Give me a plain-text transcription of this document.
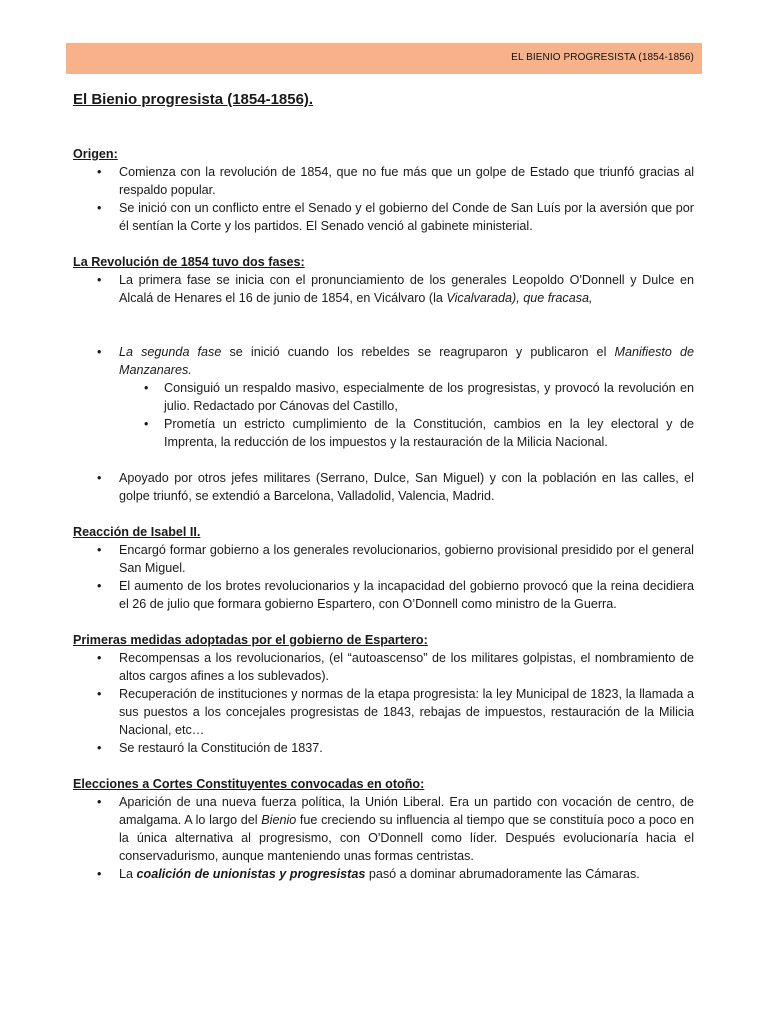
EL BIENIO PROGRESISTA (1854-1856)
El Bienio progresista (1854-1856).
Origen:
• Comienza con la revolución de 1854, que no fue más que un golpe de Estado que triunfó gracias al respaldo popular.
• Se inició con un conflicto entre el Senado y el gobierno del Conde de San Luís por la aversión que por él sentían la Corte y los partidos. El Senado venció al gabinete ministerial.
La Revolución de 1854 tuvo dos fases:
• La primera fase se inicia con el pronunciamiento de los generales Leopoldo O'Donnell y Dulce en Alcalá de Henares el 16 de junio de 1854, en Vicálvaro (la Vicalvarada), que fracasa,
• La segunda fase se inició cuando los rebeldes se reagruparon y publicaron el Manifiesto de Manzanares.
• Consiguió un respaldo masivo, especialmente de los progresistas, y provocó la revolución en julio. Redactado por Cánovas del Castillo,
• Prometía un estricto cumplimiento de la Constitución, cambios en la ley electoral y de Imprenta, la reducción de los impuestos y la restauración de la Milicia Nacional.
• Apoyado por otros jefes militares (Serrano, Dulce, San Miguel) y con la población en las calles, el golpe triunfó, se extendió a Barcelona, Valladolid, Valencia, Madrid.
Reacción de Isabel II.
• Encargó formar gobierno a los generales revolucionarios, gobierno provisional presidido por el general San Miguel.
• El aumento de los brotes revolucionarios y la incapacidad del gobierno provocó que la reina decidiera el 26 de julio que formara gobierno Espartero, con O’Donnell como ministro de la Guerra.
Primeras medidas adoptadas por el gobierno de Espartero:
• Recompensas a los revolucionarios, (el “autoascenso” de los militares golpistas, el nombramiento de altos cargos afines a los sublevados).
• Recuperación de instituciones y normas de la etapa progresista: la ley Municipal de 1823, la llamada a sus puestos a los concejales progresistas de 1843, rebajas de impuestos, restauración de la Milicia Nacional, etc…
• Se restauró la Constitución de 1837.
Elecciones a Cortes Constituyentes convocadas en otoño:
• Aparición de una nueva fuerza política, la Unión Liberal. Era un partido con vocación de centro, de amalgama. A lo largo del Bienio fue creciendo su influencia al tiempo que se constituía poco a poco en la única alternativa al progresismo, con O'Donnell como líder. Después evolucionaría hacia el conservadurismo, aunque manteniendo unas formas centristas.
• La coalición de unionistas y progresistas pasó a dominar abrumadoramente las Cámaras.
